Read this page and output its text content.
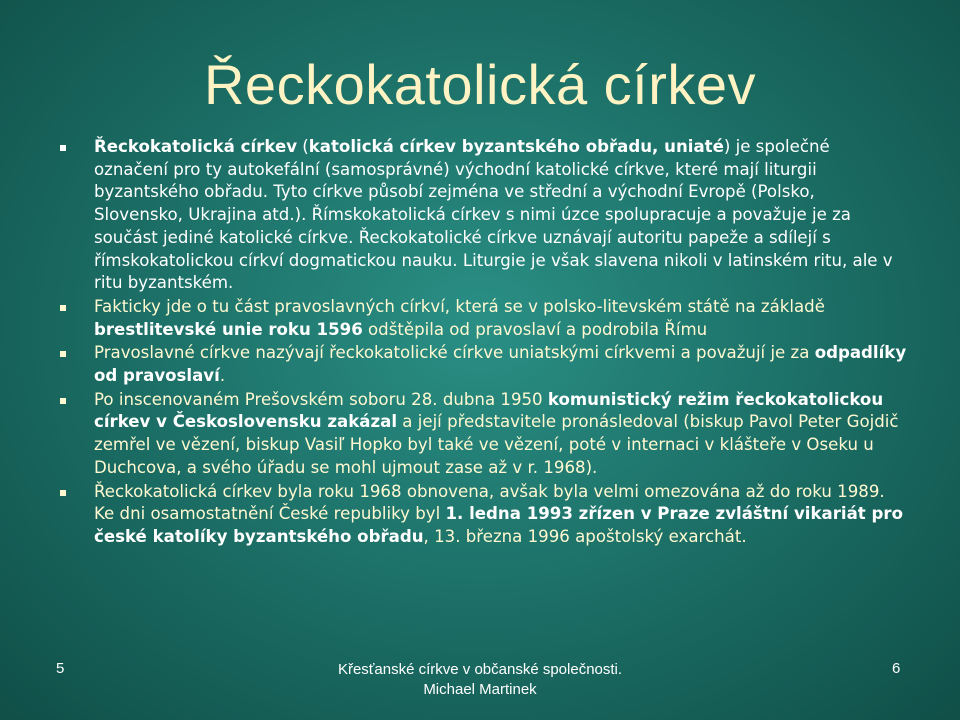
Řeckokatolická církev
Řeckokatolická církev (katolická církev byzantského obřadu, uniaté) je společné označení pro ty autokefální (samosprávné) východní katolické církve, které mají liturgii byzantského obřadu. Tyto církve působí zejména ve střední a východní Evropě (Polsko, Slovensko, Ukrajina atd.). Římskokatolická církev s nimi úzce spolupracuje a považuje je za součást jediné katolické církve. Řeckokatolické církve uznávají autoritu papeže a sdílejí s římskokatolickou církví dogmatickou nauku. Liturgie je však slavena nikoli v latinském ritu, ale v ritu byzantském.
Fakticky jde o tu část pravoslavných církví, která se v polsko-litevském státě na základě brestlitevské unie roku 1596 odštěpila od pravoslaví a podrobila Římu
Pravoslavné církve nazývají řeckokatolické církve uniatskými církvemi a považují je za odpadlíky od pravoslaví.
Po inscenovaném Prešovském soboru 28. dubna 1950 komunistický režim řeckokatolickou církev v Československu zakázal a její představitele pronásledoval (biskup Pavol Peter Gojdič zemřel ve vězení, biskup Vasiľ Hopko byl také ve vězení, poté v internaci v klášteře v Oseku u Duchcova, a svého úřadu se mohl ujmout zase až v r. 1968).
Řeckokatolická církev byla roku 1968 obnovena, avšak byla velmi omezována až do roku 1989. Ke dni osamostatnění České republiky byl 1. ledna 1993 zřízen v Praze zvláštní vikariát pro české katolíky byzantského obřadu, 13. března 1996 apoštolský exarchát.
5	Křesťanské církve v občanské společnosti.
Michael Martinek
6
